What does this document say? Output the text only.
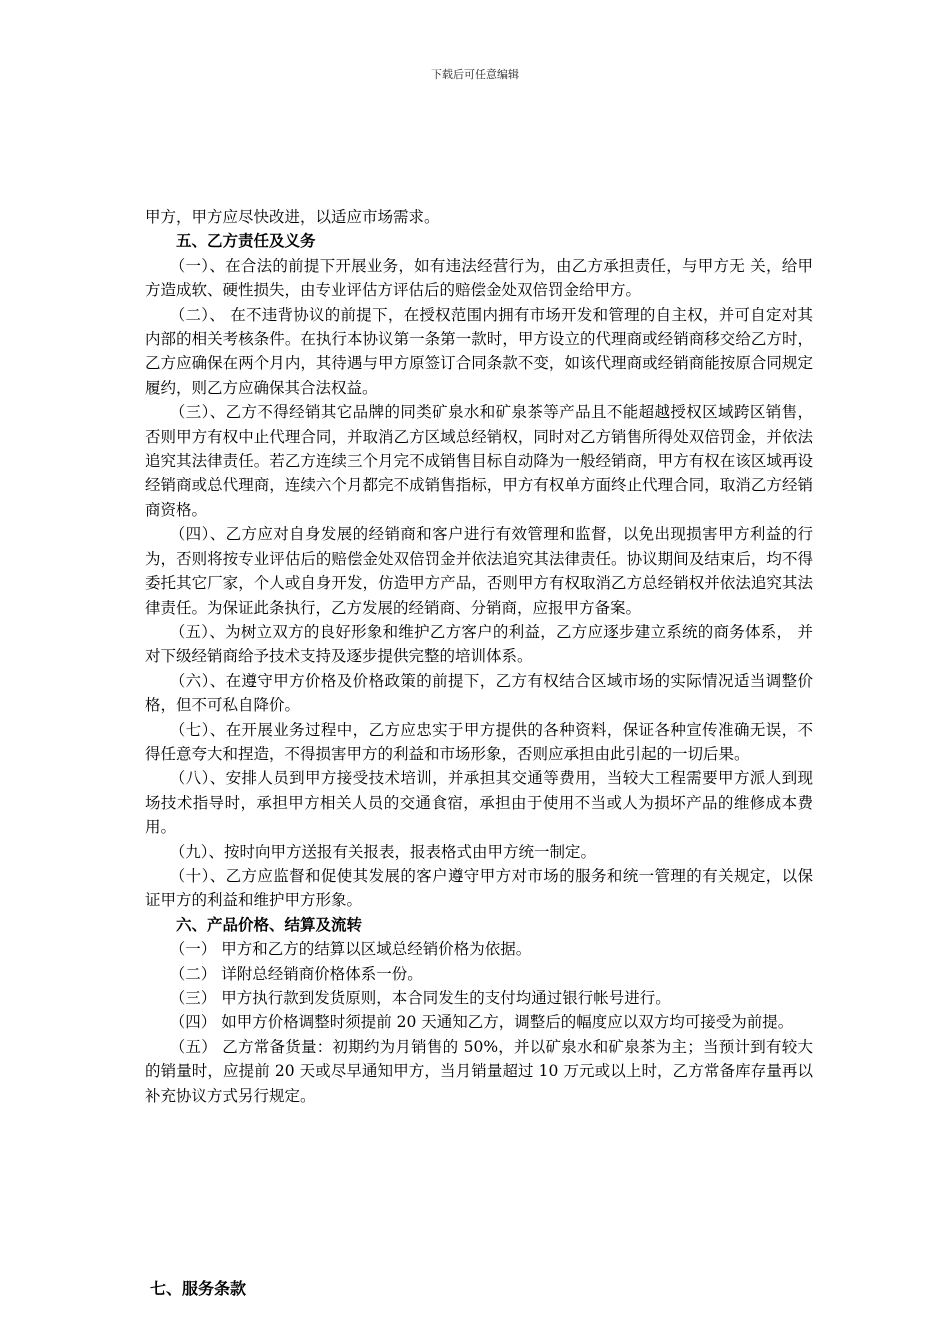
下载后可任意编辑

甲方，甲方应尽快改进，以适应市场需求。

五、乙方责任及义务

（一）、在合法的前提下开展业务，如有违法经营行为，由乙方承担责任，与甲方无 关，给甲方造成软、硬性损失，由专业评估方评估后的赔偿金处双倍罚金给甲方。

（二）、 在不违背协议的前提下，在授权范围内拥有市场开发和管理的自主权，并可自定对其内部的相关考核条件。在执行本协议第一条第一款时，甲方设立的代理商或经销商移交给乙方时，乙方应确保在两个月内，其待遇与甲方原签订合同条款不变，如该代理商或经销商能按原合同规定履约，则乙方应确保其合法权益。

（三）、乙方不得经销其它品牌的同类矿泉水和矿泉茶等产品且不能超越授权区域跨区销售，否则甲方有权中止代理合同，并取消乙方区域总经销权，同时对乙方销售所得处双倍罚金，并依法追究其法律责任。若乙方连续三个月完不成销售目标自动降为一般经销商，甲方有权在该区域再设经销商或总代理商，连续六个月都完不成销售指标，甲方有权单方面终止代理合同，取消乙方经销商资格。

（四）、乙方应对自身发展的经销商和客户进行有效管理和监督，以免出现损害甲方利益的行为，否则将按专业评估后的赔偿金处双倍罚金并依法追究其法律责任。协议期间及结束后，均不得委托其它厂家，个人或自身开发，仿造甲方产品，否则甲方有权取消乙方总经销权并依法追究其法律责任。为保证此条执行，乙方发展的经销商、分销商，应报甲方备案。

（五）、为树立双方的良好形象和维护乙方客户的利益，乙方应逐步建立系统的商务体系， 并对下级经销商给予技术支持及逐步提供完整的培训体系。

（六）、在遵守甲方价格及价格政策的前提下，乙方有权结合区域市场的实际情况适当调整价格，但不可私自降价。

（七）、在开展业务过程中，乙方应忠实于甲方提供的各种资料，保证各种宣传准确无误，不得任意夸大和捏造，不得损害甲方的利益和市场形象，否则应承担由此引起的一切后果。

（八）、安排人员到甲方接受技术培训，并承担其交通等费用，当较大工程需要甲方派人到现场技术指导时，承担甲方相关人员的交通食宿，承担由于使用不当或人为损坏产品的维修成本费用。

（九）、按时向甲方送报有关报表，报表格式由甲方统一制定。

（十）、乙方应监督和促使其发展的客户遵守甲方对市场的服务和统一管理的有关规定，以保证甲方的利益和维护甲方形象。

六、产品价格、结算及流转

（一） 甲方和乙方的结算以区域总经销价格为依据。

（二） 详附总经销商价格体系一份。

（三） 甲方执行款到发货原则，本合同发生的支付均通过银行帐号进行。

（四） 如甲方价格调整时须提前 20 天通知乙方，调整后的幅度应以双方均可接受为前提。

（五） 乙方常备货量：初期约为月销售的 50%，并以矿泉水和矿泉茶为主；当预计到有较大的销量时，应提前 20 天或尽早通知甲方，当月销量超过 10 万元或以上时，乙方常备库存量再以补充协议方式另行规定。

七、服务条款
